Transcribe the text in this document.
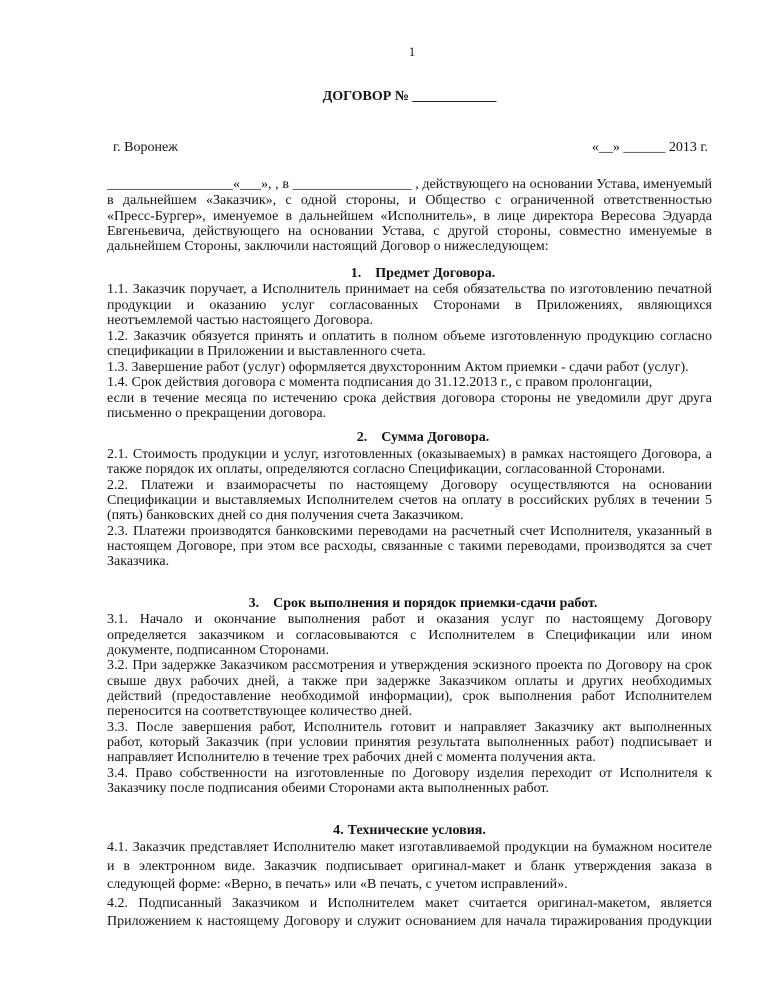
1
ДОГОВОР № ____________
г. Воронеж	«__» ______ 2013 г.
__________________«___», , в _________________ , действующего на основании Устава, именуемый
в дальнейшем «Заказчик», с одной стороны, и Общество с ограниченной ответственностью
«Пресс-Бургер», именуемое в дальнейшем «Исполнитель», в лице директора Вересова Эдуарда
Евгеньевича, действующего на основании Устава, с другой стороны, совместно именуемые в
дальнейшем Стороны, заключили настоящий Договор о нижеследующем:
1. Предмет Договора.
1.1. Заказчик поручает, а Исполнитель принимает на себя обязательства по изготовлению печатной
продукции и оказанию услуг согласованных Сторонами в Приложениях, являющихся
неотъемлемой частью настоящего Договора.
1.2. Заказчик обязуется принять и оплатить в полном объеме изготовленную продукцию согласно
спецификации в Приложении и выставленного счета.
1.3. Завершение работ (услуг) оформляется двухсторонним Актом приемки - сдачи работ (услуг).
1.4. Срок действия договора с момента подписания до 31.12.2013 г., с правом пролонгации,
если в течение месяца по истечению срока действия договора стороны не уведомили друг друга
письменно о прекращении договора.
2. Сумма Договора.
2.1. Стоимость продукции и услуг, изготовленных (оказываемых) в рамках настоящего Договора, а
также порядок их оплаты, определяются согласно Спецификации, согласованной Сторонами.
2.2. Платежи и взаиморасчеты по настоящему Договору осуществляются на основании
Спецификации и выставляемых Исполнителем счетов на оплату в российских рублях в течении 5
(пять) банковских дней со дня получения счета Заказчиком.
2.3. Платежи производятся банковскими переводами на расчетный счет Исполнителя, указанный в
настоящем Договоре, при этом все расходы, связанные с такими переводами, производятся за счет
Заказчика.
3. Срок выполнения и порядок приемки-сдачи работ.
3.1. Начало и окончание выполнения работ и оказания услуг по настоящему Договору
определяется заказчиком и согласовываются с Исполнителем в Спецификации или ином
документе, подписанном Сторонами.
3.2. При задержке Заказчиком рассмотрения и утверждения эскизного проекта по Договору на срок
свыше двух рабочих дней, а также при задержке Заказчиком оплаты и других необходимых
действий (предоставление необходимой информации), срок выполнения работ Исполнителем
переносится на соответствующее количество дней.
3.3. После завершения работ, Исполнитель готовит и направляет Заказчику акт выполненных
работ, который Заказчик (при условии принятия результата выполненных работ) подписывает и
направляет Исполнителю в течение трех рабочих дней с момента получения акта.
3.4. Право собственности на изготовленные по Договору изделия переходит от Исполнителя к
Заказчику после подписания обеими Сторонами акта выполненных работ.
4. Технические условия.
4.1. Заказчик представляет Исполнителю макет изготавливаемой продукции на бумажном носителе
и в электронном виде. Заказчик подписывает оригинал-макет и бланк утверждения заказа в
следующей форме: «Верно, в печать» или «В печать, с учетом исправлений».
4.2. Подписанный Заказчиком и Исполнителем макет считается оригинал-макетом, является
Приложением к настоящему Договору и служит основанием для начала тиражирования продукции
